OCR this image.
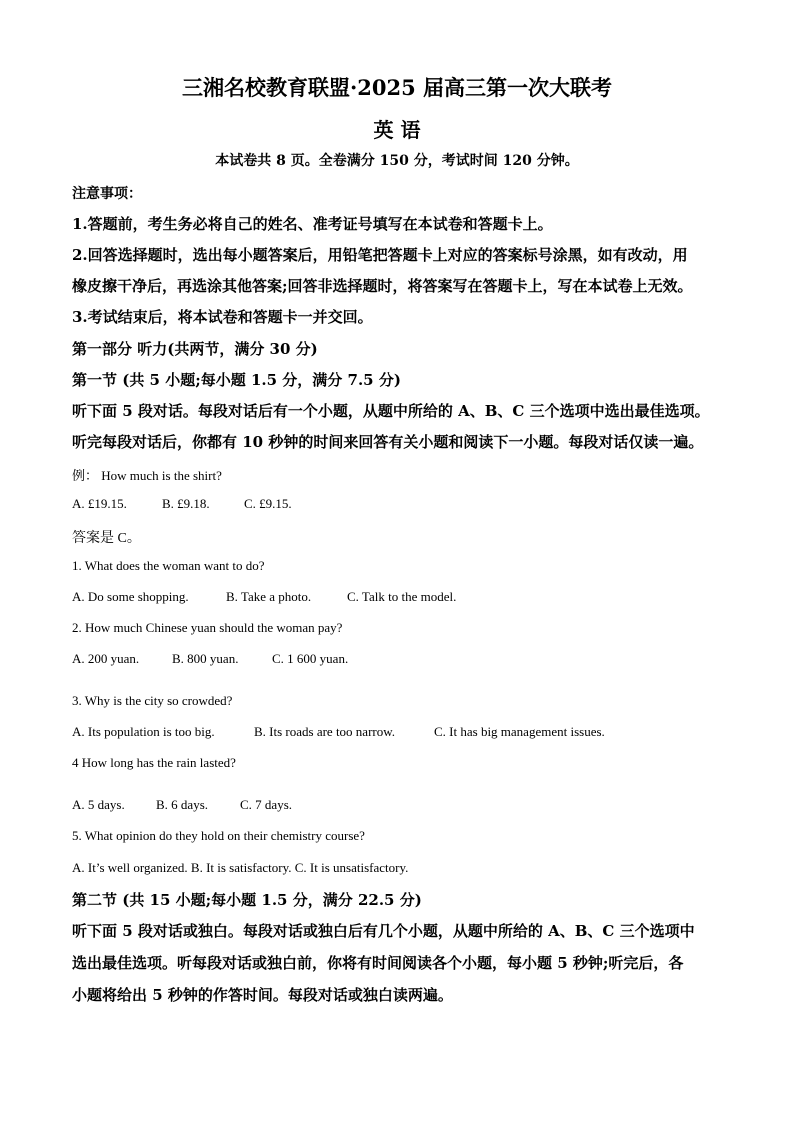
三湘名校教育联盟·2025 届高三第一次大联考
英 语
本试卷共 8 页。全卷满分 150 分，考试时间 120 分钟。
注意事项：
1.答题前，考生务必将自己的姓名、准考证号填写在本试卷和答题卡上。
2.回答选择题时，选出每小题答案后，用铅笔把答题卡上对应的答案标号涂黑，如有改动，用
橡皮擦干净后，再选涂其他答案;回答非选择题时，将答案写在答题卡上，写在本试卷上无效。
3.考试结束后，将本试卷和答题卡一并交回。
第一部分 听力(共两节，满分 30 分)
第一节 (共 5 小题;每小题 1.5 分，满分 7.5 分)
听下面 5 段对话。每段对话后有一个小题，从题中所给的 A、B、C 三个选项中选出最佳选项。
听完每段对话后，你都有 10 秒钟的时间来回答有关小题和阅读下一小题。每段对话仅读一遍。
例： How much is the shirt?
A. £19.15.	B. £9.18.	C. £9.15.
答案是 C。
1. What does the woman want to do?
A. Do some shopping.	B. Take a photo.	C. Talk to the model.
2. How much Chinese yuan should the woman pay?
A. 200 yuan.	B. 800 yuan.	C. 1 600 yuan.
3. Why is the city so crowded?
A. Its population is too big.	B. Its roads are too narrow.	C. It has big management issues.
4 How long has the rain lasted?
A. 5 days. B. 6 days. C. 7 days.
5. What opinion do they hold on their chemistry course?
A. It’s well organized. B. It is satisfactory. C. It is unsatisfactory.
第二节 (共 15 小题;每小题 1.5 分，满分 22.5 分)
听下面 5 段对话或独白。每段对话或独白后有几个小题，从题中所给的 A、B、C 三个选项中
选出最佳选项。听每段对话或独白前，你将有时间阅读各个小题，每小题 5 秒钟;听完后，各
小题将给出 5 秒钟的作答时间。每段对话或独白读两遍。
